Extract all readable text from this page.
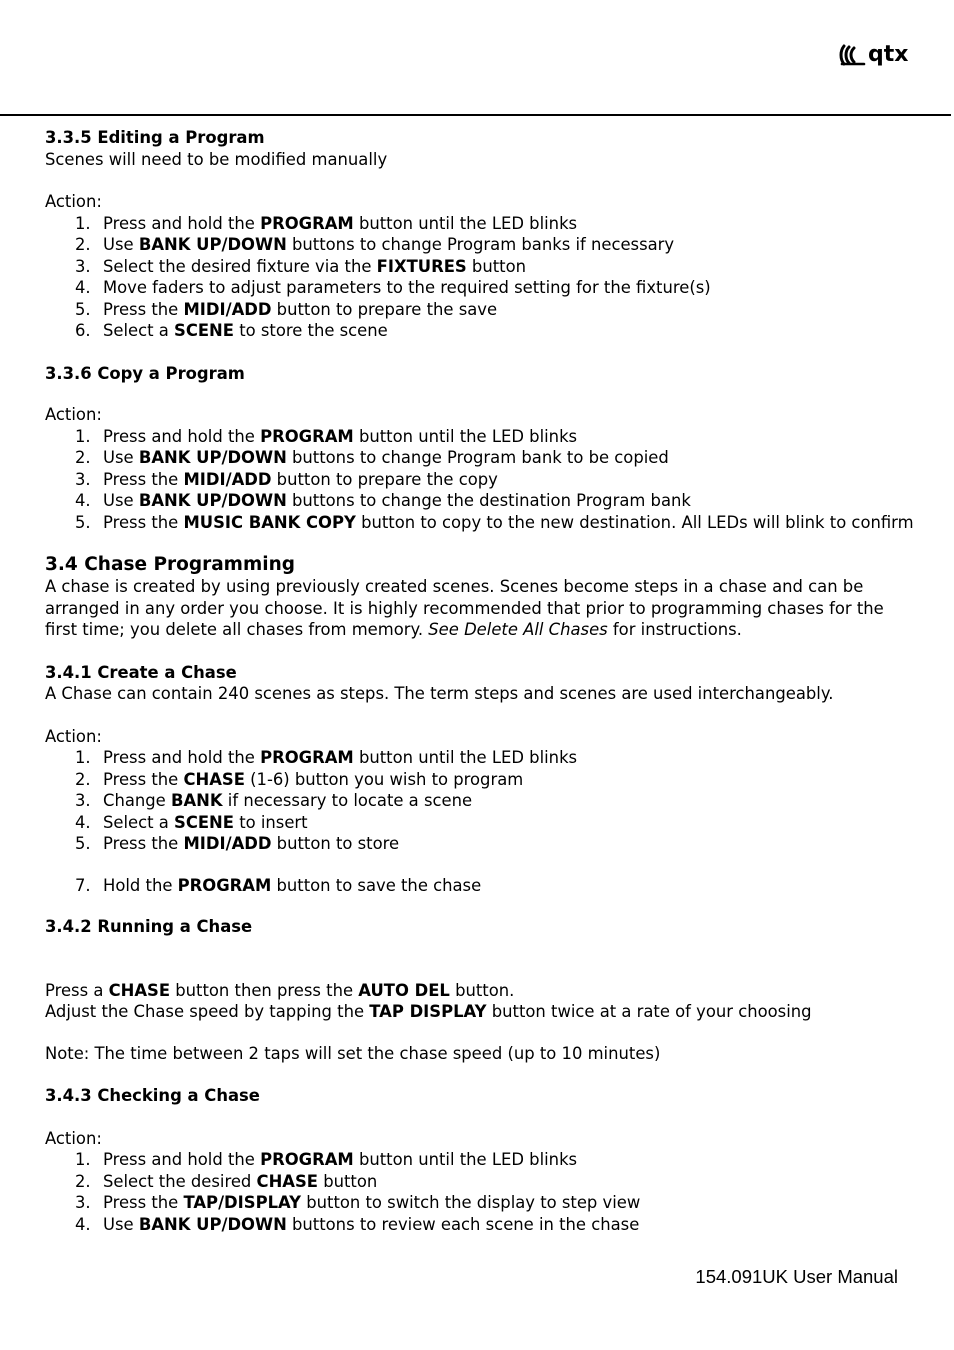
qtx

3.3.5 Editing a Program

Scenes will need to be modified manually

Action:

1. Press and hold the PROGRAM button until the LED blinks
2. Use BANK UP/DOWN buttons to change Program banks if necessary
3. Select the desired fixture via the FIXTURES button
4. Move faders to adjust parameters to the required setting for the fixture(s)
5. Press the MIDI/ADD button to prepare the save
6. Select a SCENE to store the scene

3.3.6 Copy a Program

Action:

1. Press and hold the PROGRAM button until the LED blinks
2. Use BANK UP/DOWN buttons to change Program bank to be copied
3. Press the MIDI/ADD button to prepare the copy
4. Use BANK UP/DOWN buttons to change the destination Program bank
5. Press the MUSIC BANK COPY button to copy to the new destination. All LEDs will blink to confirm

3.4 Chase Programming

A chase is created by using previously created scenes. Scenes become steps in a chase and can be

arranged in any order you choose. It is highly recommended that prior to programming chases for the

first time; you delete all chases from memory. See Delete All Chases for instructions.

3.4.1 Create a Chase

A Chase can contain 240 scenes as steps. The term steps and scenes are used interchangeably.

Action:

1. Press and hold the PROGRAM button until the LED blinks
2. Press the CHASE (1-6) button you wish to program
3. Change BANK if necessary to locate a scene
4. Select a SCENE to insert
5. Press the MIDI/ADD button to store
7. Hold the PROGRAM button to save the chase

3.4.2 Running a Chase

Press a CHASE button then press the AUTO DEL button.

Adjust the Chase speed by tapping the TAP DISPLAY button twice at a rate of your choosing

Note: The time between 2 taps will set the chase speed (up to 10 minutes)

3.4.3 Checking a Chase

Action:

1. Press and hold the PROGRAM button until the LED blinks
2. Select the desired CHASE button
3. Press the TAP/DISPLAY button to switch the display to step view
4. Use BANK UP/DOWN buttons to review each scene in the chase
154.091UK User Manual
